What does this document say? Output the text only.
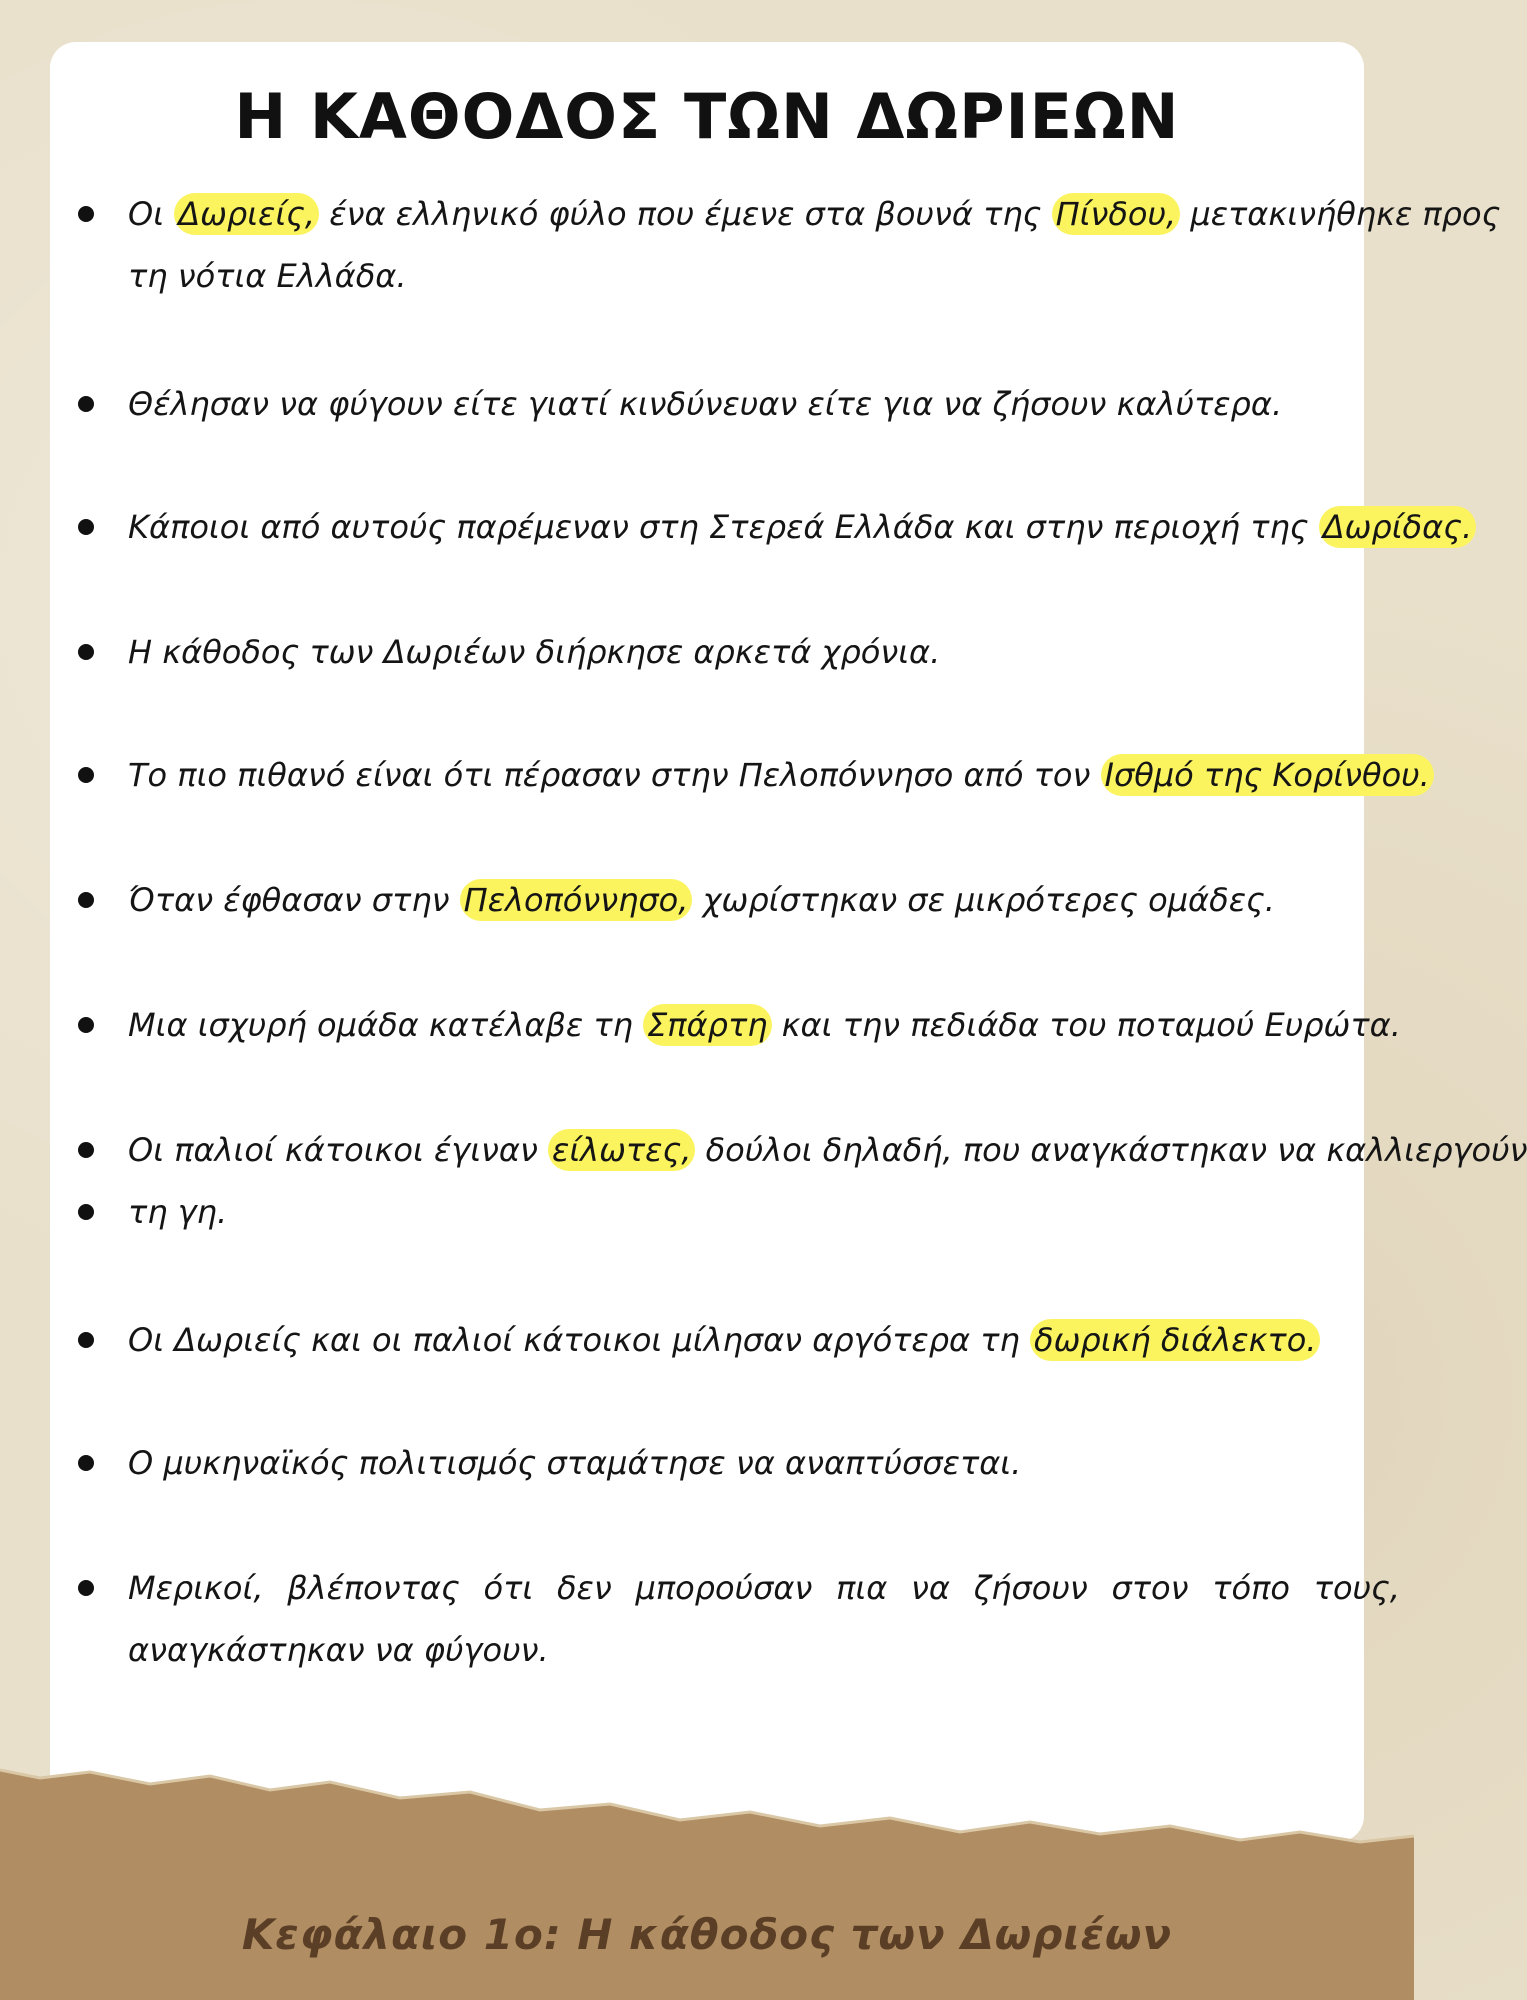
Η ΚΑΘΟΔΟΣ ΤΩΝ ΔΩΡΙΕΩΝ
Οι Δωριείς, ένα ελληνικό φύλο που έμενε στα βουνά της Πίνδου, μετακινήθηκε προς
τη νότια Ελλάδα.
Θέλησαν να φύγουν είτε γιατί κινδύνευαν είτε για να ζήσουν καλύτερα.
Κάποιοι από αυτούς παρέμεναν στη Στερεά Ελλάδα και στην περιοχή της Δωρίδας.
Η κάθοδος των Δωριέων διήρκησε αρκετά χρόνια.
Το πιο πιθανό είναι ότι πέρασαν στην Πελοπόννησο από τον Ισθμό της Κορίνθου.
Όταν έφθασαν στην Πελοπόννησο, χωρίστηκαν σε μικρότερες ομάδες.
Μια ισχυρή ομάδα κατέλαβε τη Σπάρτη και την πεδιάδα του ποταμού Ευρώτα.
Οι παλιοί κάτοικοι έγιναν είλωτες, δούλοι δηλαδή, που αναγκάστηκαν να καλλιεργούν
τη γη.
Οι Δωριείς και οι παλιοί κάτοικοι μίλησαν αργότερα τη δωρική διάλεκτο.
Ο μυκηναϊκός πολιτισμός σταμάτησε να αναπτύσσεται.
Μερικοί, βλέποντας ότι δεν μπορούσαν πια να ζήσουν στον τόπο τους,
αναγκάστηκαν να φύγουν.

Κεφάλαιο 1ο: Η κάθοδος των Δωριέων
